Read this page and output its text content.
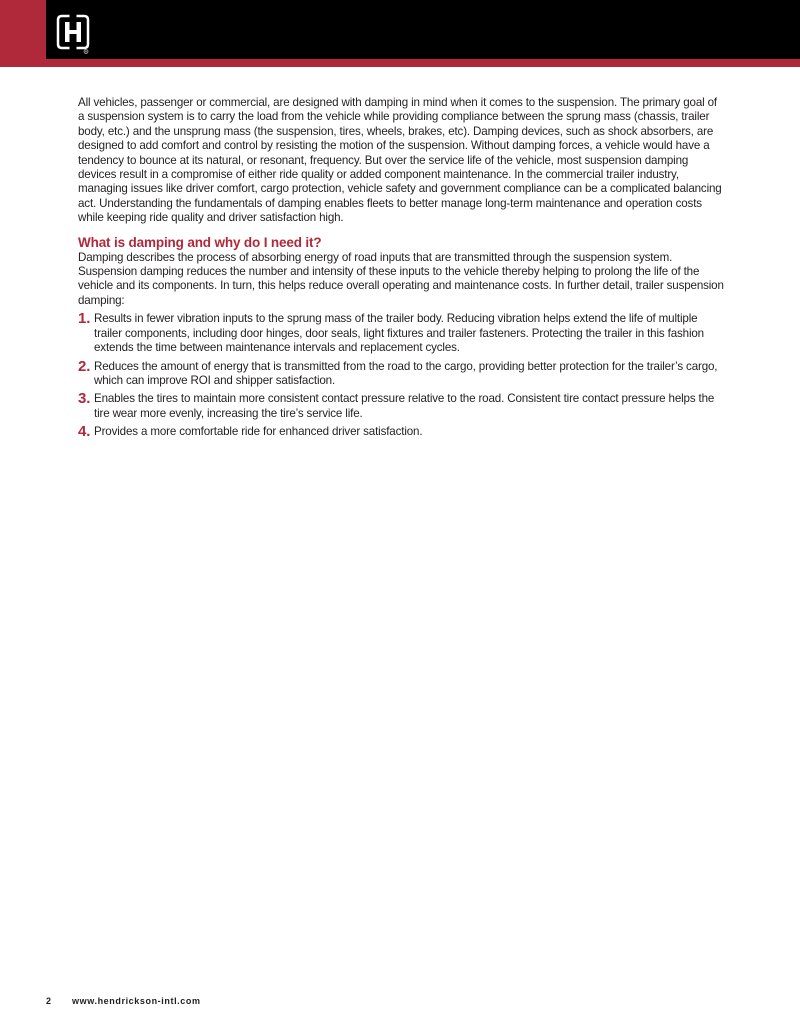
R

All vehicles, passenger or commercial, are designed with damping in mind when it comes to the suspension. The primary goal of a suspension system is to carry the load from the vehicle while providing compliance between the sprung mass (chassis, trailer body, etc.) and the unsprung mass (the suspension, tires, wheels, brakes, etc). Damping devices, such as shock absorbers, are designed to add comfort and control by resisting the motion of the suspension. Without damping forces, a vehicle would have a tendency to bounce at its natural, or resonant, frequency. But over the service life of the vehicle, most suspension damping devices result in a compromise of either ride quality or added component maintenance. In the commercial trailer industry, managing issues like driver comfort, cargo protection, vehicle safety and government compliance can be a complicated balancing act. Understanding the fundamentals of damping enables fleets to better manage long-term maintenance and operation costs while keeping ride quality and driver satisfaction high.

What is damping and why do I need it?

Damping describes the process of absorbing energy of road inputs that are transmitted through the suspension system. Suspension damping reduces the number and intensity of these inputs to the vehicle thereby helping to prolong the life of the vehicle and its components. In turn, this helps reduce overall operating and maintenance costs. In further detail, trailer suspension damping:

1. Results in fewer vibration inputs to the sprung mass of the trailer body. Reducing vibration helps extend the life of multiple trailer components, including door hinges, door seals, light fixtures and trailer fasteners. Protecting the trailer in this fashion extends the time between maintenance intervals and replacement cycles.
2. Reduces the amount of energy that is transmitted from the road to the cargo, providing better protection for the trailer’s cargo, which can improve ROI and shipper satisfaction.
3. Enables the tires to maintain more consistent contact pressure relative to the road. Consistent tire contact pressure helps the tire wear more evenly, increasing the tire’s service life.
4. Provides a more comfortable ride for enhanced driver satisfaction.
2 www.hendrickson-intl.com
